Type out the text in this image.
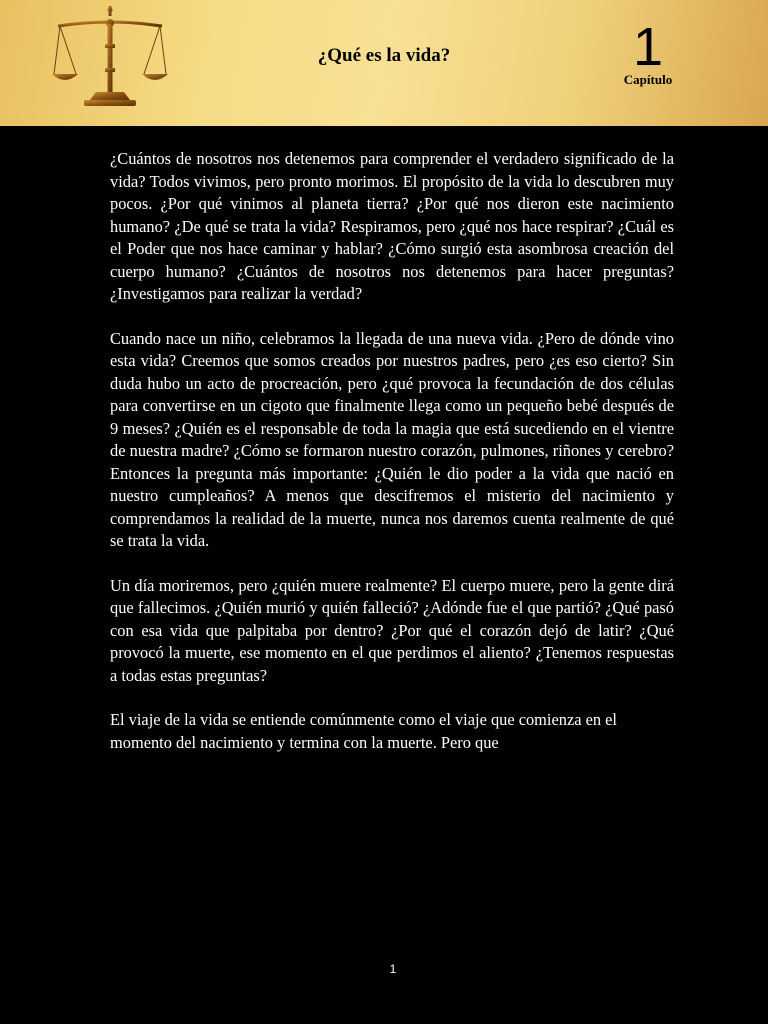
¿Qué es la vida?	1
Capítulo

¿Cuántos de nosotros nos detenemos para comprender el verdadero significado de la vida? Todos vivimos, pero pronto morimos. El propósito de la vida lo descubren muy pocos. ¿Por qué vinimos al planeta tierra? ¿Por qué nos dieron este nacimiento humano? ¿De qué se trata la vida? Respiramos, pero ¿qué nos hace respirar? ¿Cuál es el Poder que nos hace caminar y hablar? ¿Cómo surgió esta asombrosa creación del cuerpo humano? ¿Cuántos de nosotros nos detenemos para hacer preguntas? ¿Investigamos para realizar la verdad?

Cuando nace un niño, celebramos la llegada de una nueva vida. ¿Pero de dónde vino esta vida? Creemos que somos creados por nuestros padres, pero ¿es eso cierto? Sin duda hubo un acto de procreación, pero ¿qué provoca la fecundación de dos células para convertirse en un cigoto que finalmente llega como un pequeño bebé después de 9 meses? ¿Quién es el responsable de toda la magia que está sucediendo en el vientre de nuestra madre? ¿Cómo se formaron nuestro corazón, pulmones, riñones y cerebro? Entonces la pregunta más importante: ¿Quién le dio poder a la vida que nació en nuestro cumpleaños? A menos que descifremos el misterio del nacimiento y comprendamos la realidad de la muerte, nunca nos daremos cuenta realmente de qué se trata la vida.

Un día moriremos, pero ¿quién muere realmente? El cuerpo muere, pero la gente dirá que fallecimos. ¿Quién murió y quién falleció? ¿Adónde fue el que partió? ¿Qué pasó con esa vida que palpitaba por dentro? ¿Por qué el corazón dejó de latir? ¿Qué provocó la muerte, ese momento en el que perdimos el aliento? ¿Tenemos respuestas a todas estas preguntas?

El viaje de la vida se entiende comúnmente como el viaje que comienza en el momento del nacimiento y termina con la muerte. Pero que

1
